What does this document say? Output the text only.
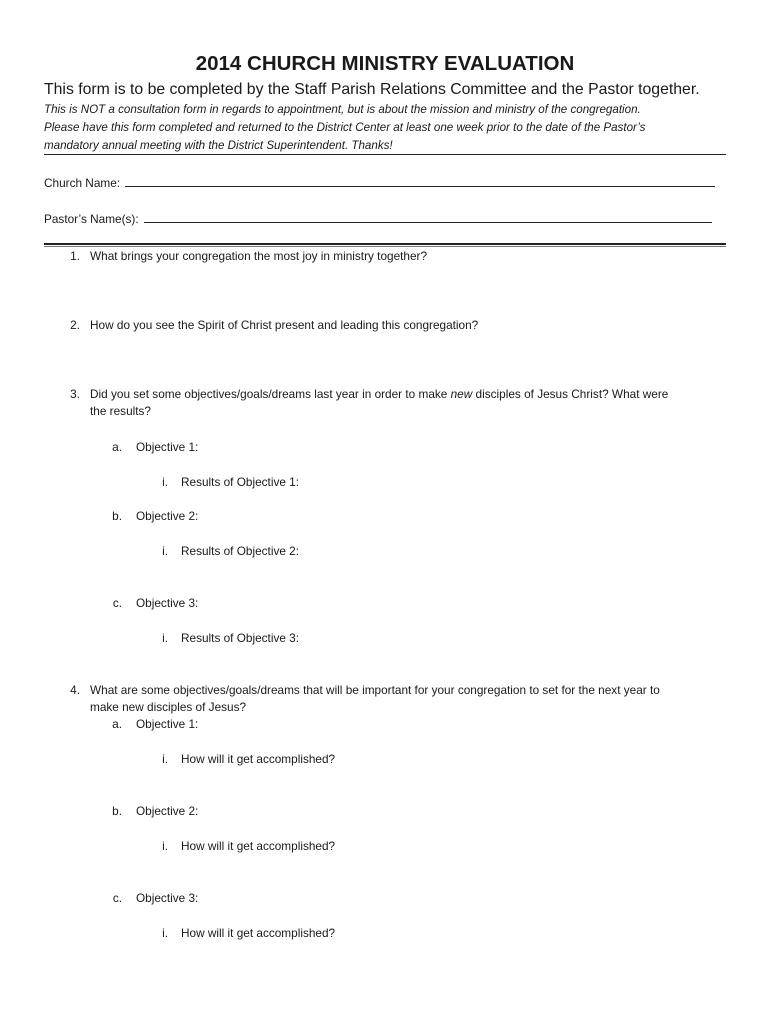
2014 CHURCH MINISTRY EVALUATION
This form is to be completed by the Staff Parish Relations Committee and the Pastor together.
This is NOT a consultation form in regards to appointment, but is about the mission and ministry of the congregation.
Please have this form completed and returned to the District Center at least one week prior to the date of the Pastor’s
mandatory annual meeting with the District Superintendent. Thanks!
Church Name:
Pastor’s Name(s):
1. What brings your congregation the most joy in ministry together?
2. How do you see the Spirit of Christ present and leading this congregation?
3. Did you set some objectives/goals/dreams last year in order to make new disciples of Jesus Christ? What were
the results?
a. Objective 1:
i. Results of Objective 1:
b. Objective 2:
i. Results of Objective 2:
c. Objective 3:
i. Results of Objective 3:
4. What are some objectives/goals/dreams that will be important for your congregation to set for the next year to
make new disciples of Jesus?
a. Objective 1:
i. How will it get accomplished?
b. Objective 2:
i. How will it get accomplished?
c. Objective 3:
i. How will it get accomplished?
